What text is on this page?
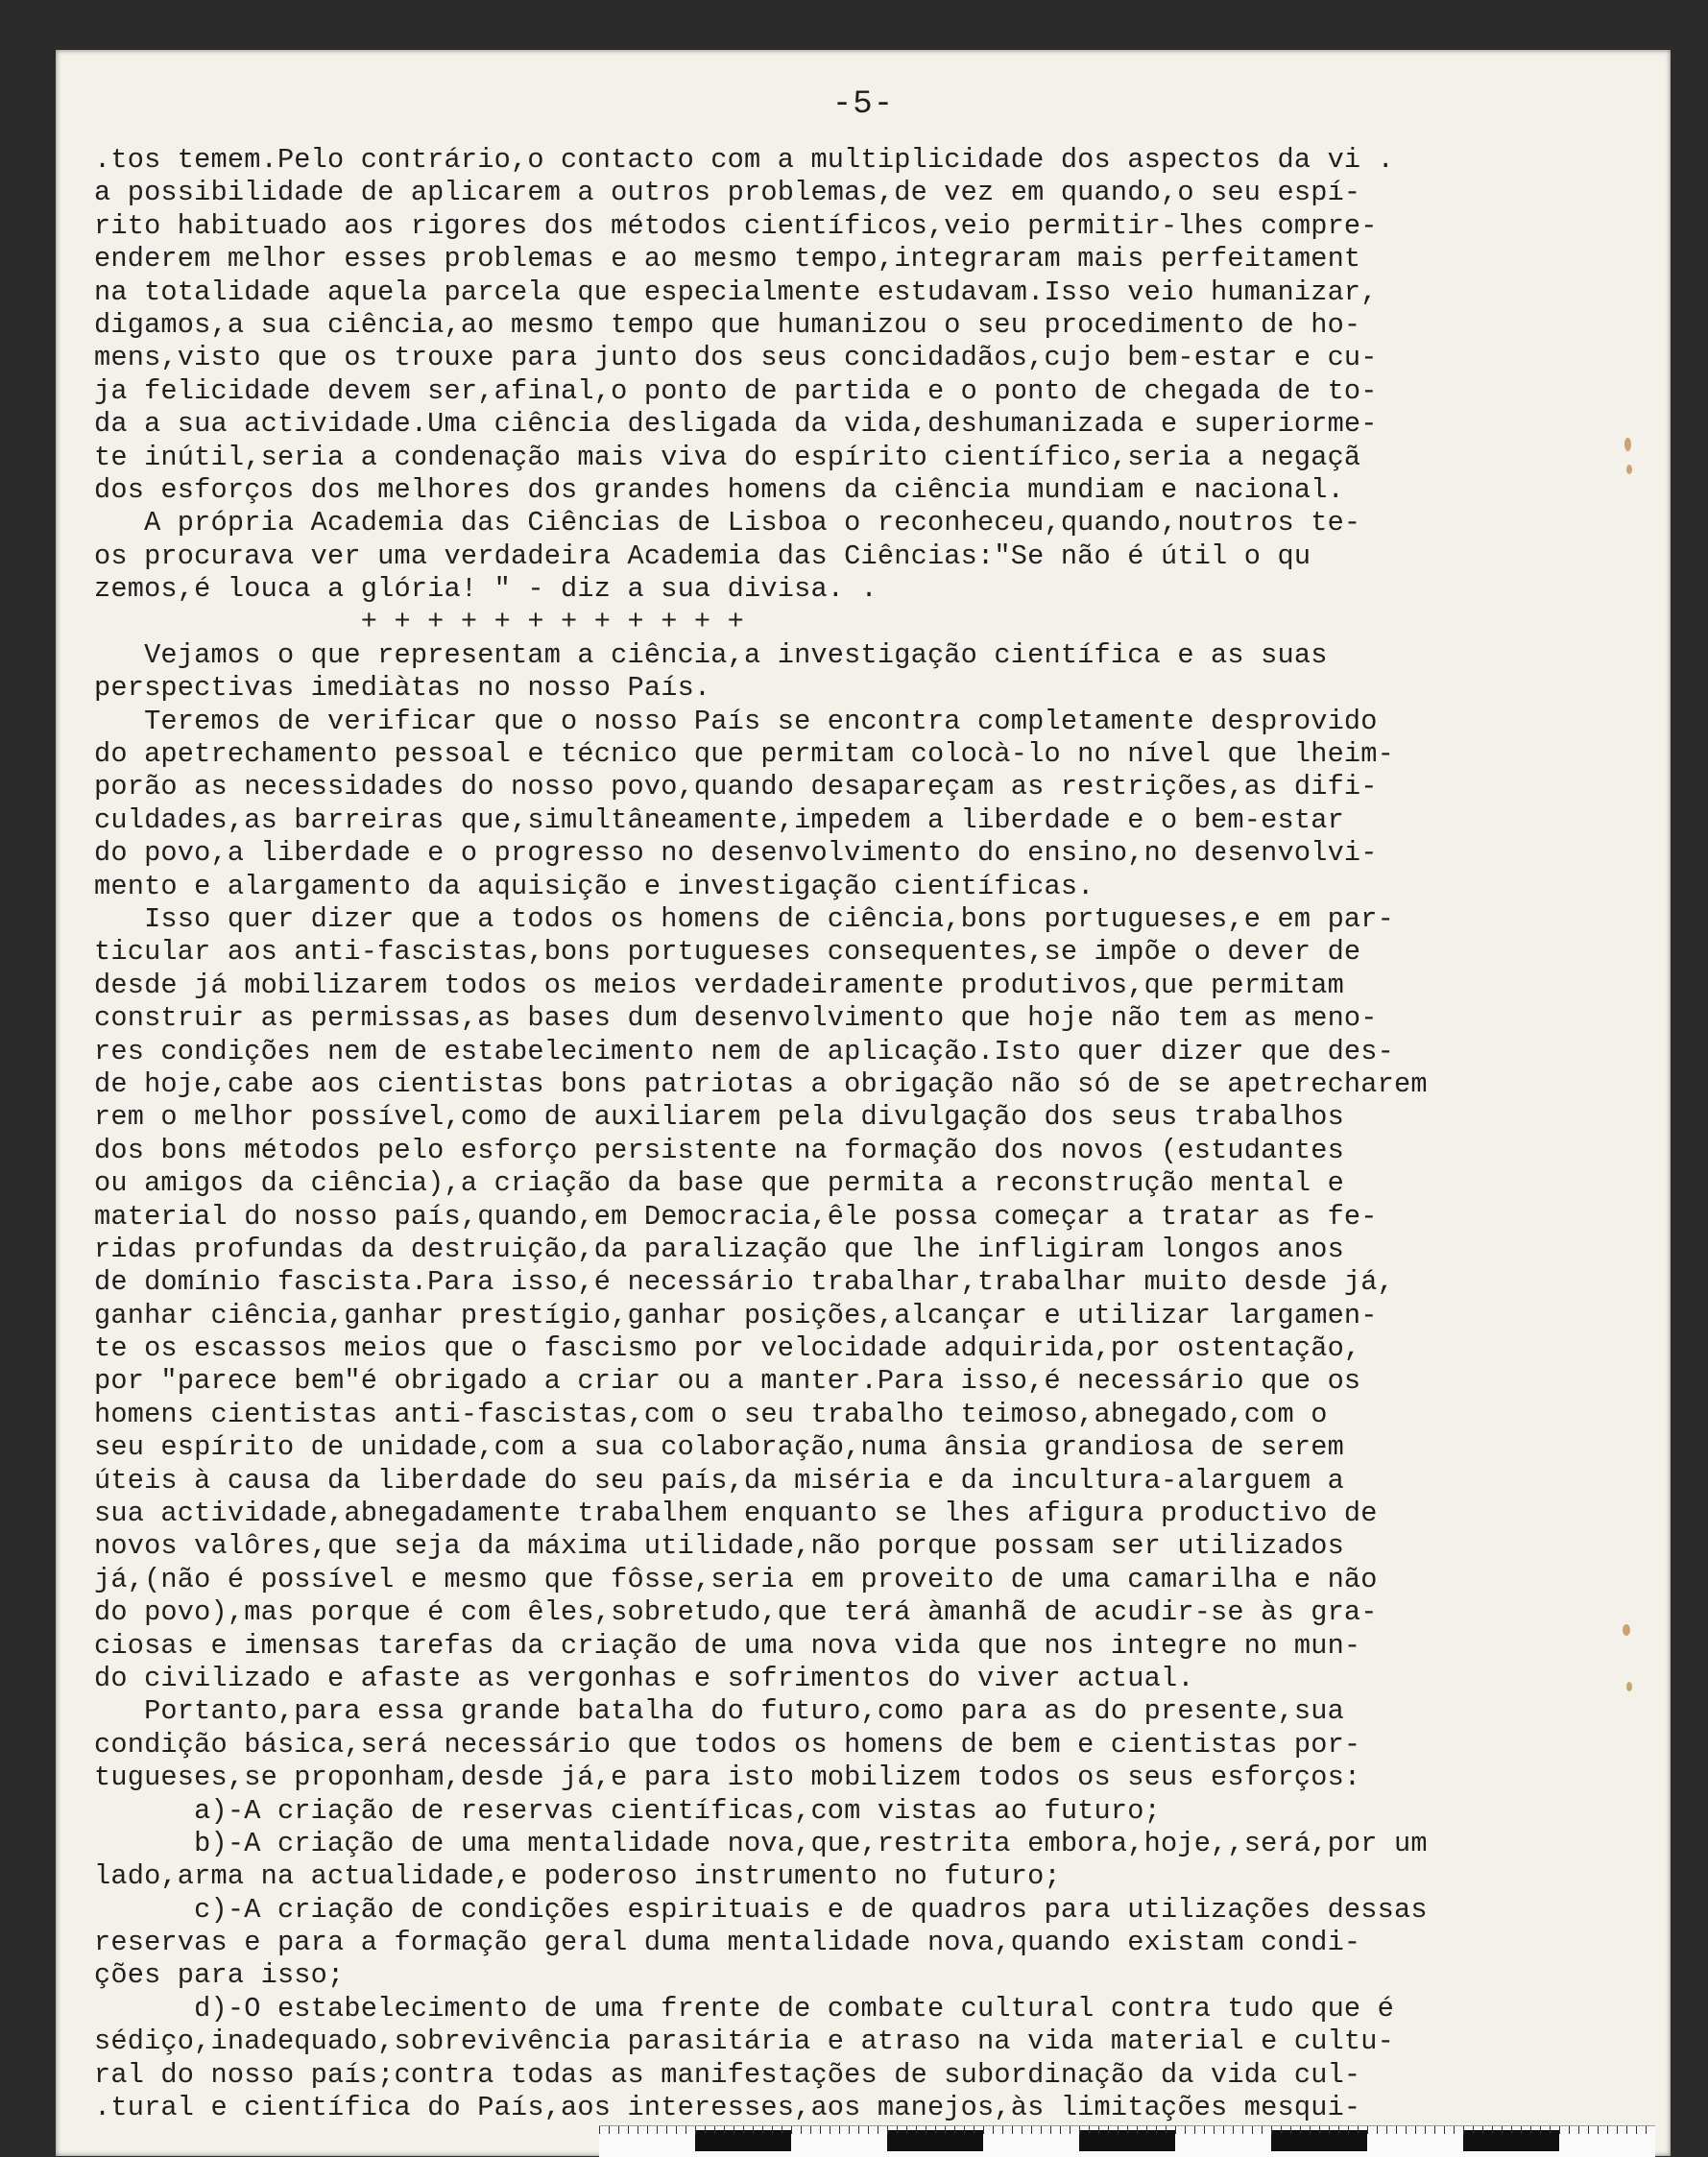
-5-
.tos temem.Pelo contrário,o contacto com a multiplicidade dos aspectos da vi .
a possibilidade de aplicarem a outros problemas,de vez em quando,o seu espí-
rito habituado aos rigores dos métodos científicos,veio permitir-lhes compre-
enderem melhor esses problemas e ao mesmo tempo,integraram mais perfeitament
na totalidade aquela parcela que especialmente estudavam.Isso veio humanizar,
digamos,a sua ciência,ao mesmo tempo que humanizou o seu procedimento de ho-
mens,visto que os trouxe para junto dos seus concidadãos,cujo bem-estar e cu-
ja felicidade devem ser,afinal,o ponto de partida e o ponto de chegada de to-
da a sua actividade.Uma ciência desligada da vida,deshumanizada e superiorme-
te inútil,seria a condenação mais viva do espírito científico,seria a negaçã
dos esforços dos melhores dos grandes homens da ciência mundiam e nacional.
A própria Academia das Ciências de Lisboa o reconheceu,quando,noutros te-
os procurava ver uma verdadeira Academia das Ciências:"Se não é útil o qu
zemos,é louca a glória! " - diz a sua divisa. .
+ + + + + + + + + + + +
Vejamos o que representam a ciência,a investigação científica e as suas
perspectivas imediàtas no nosso País.
Teremos de verificar que o nosso País se encontra completamente desprovido
do apetrechamento pessoal e técnico que permitam colocà-lo no nível que lheim-
porão as necessidades do nosso povo,quando desapareçam as restrições,as difi-
culdades,as barreiras que,simultâneamente,impedem a liberdade e o bem-estar
do povo,a liberdade e o progresso no desenvolvimento do ensino,no desenvolvi-
mento e alargamento da aquisição e investigação científicas.
Isso quer dizer que a todos os homens de ciência,bons portugueses,e em par-
ticular aos anti-fascistas,bons portugueses consequentes,se impõe o dever de
desde já mobilizarem todos os meios verdadeiramente produtivos,que permitam
construir as permissas,as bases dum desenvolvimento que hoje não tem as meno-
res condições nem de estabelecimento nem de aplicação.Isto quer dizer que des-
de hoje,cabe aos cientistas bons patriotas a obrigação não só de se apetrecharem
rem o melhor possível,como de auxiliarem pela divulgação dos seus trabalhos
dos bons métodos pelo esforço persistente na formação dos novos (estudantes
ou amigos da ciência),a criação da base que permita a reconstrução mental e
material do nosso país,quando,em Democracia,êle possa começar a tratar as fe-
ridas profundas da destruição,da paralização que lhe infligiram longos anos
de domínio fascista.Para isso,é necessário trabalhar,trabalhar muito desde já,
ganhar ciência,ganhar prestígio,ganhar posições,alcançar e utilizar largamen-
te os escassos meios que o fascismo por velocidade adquirida,por ostentação,
por "parece bem"é obrigado a criar ou a manter.Para isso,é necessário que os
homens cientistas anti-fascistas,com o seu trabalho teimoso,abnegado,com o
seu espírito de unidade,com a sua colaboração,numa ânsia grandiosa de serem
úteis à causa da liberdade do seu país,da miséria e da incultura-alarguem a
sua actividade,abnegadamente trabalhem enquanto se lhes afigura productivo de
novos valôres,que seja da máxima utilidade,não porque possam ser utilizados
já,(não é possível e mesmo que fôsse,seria em proveito de uma camarilha e não
do povo),mas porque é com êles,sobretudo,que terá àmanhã de acudir-se às gra-
ciosas e imensas tarefas da criação de uma nova vida que nos integre no mun-
do civilizado e afaste as vergonhas e sofrimentos do viver actual.
Portanto,para essa grande batalha do futuro,como para as do presente,sua
condição básica,será necessário que todos os homens de bem e cientistas por-
tugueses,se proponham,desde já,e para isto mobilizem todos os seus esforços:
a)-A criação de reservas científicas,com vistas ao futuro;
b)-A criação de uma mentalidade nova,que,restrita embora,hoje,,será,por um
lado,arma na actualidade,e poderoso instrumento no futuro;
c)-A criação de condições espirituais e de quadros para utilizações dessas
reservas e para a formação geral duma mentalidade nova,quando existam condi-
ções para isso;
d)-O estabelecimento de uma frente de combate cultural contra tudo que é
sédiço,inadequado,sobrevivência parasitária e atraso na vida material e cultu-
ral do nosso país;contra todas as manifestações de subordinação da vida cul-
.tural e científica do País,aos interesses,aos manejos,às limitações mesqui-
